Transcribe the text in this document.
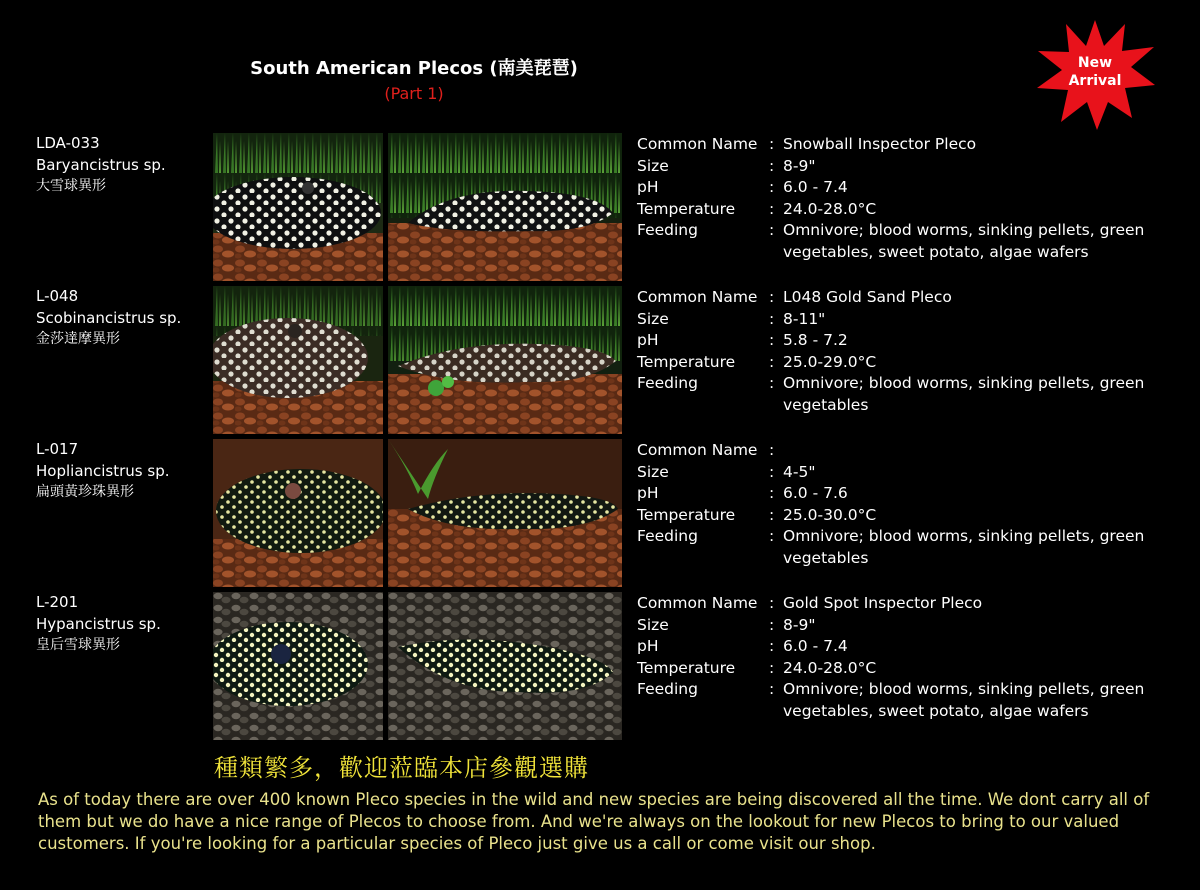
South American Plecos (南美琵琶)
(Part 1)
New
Arrival
LDA-033
Baryancistrus sp.
大雪球異形
Common Name : Snowball Inspector Pleco
Size	: 8-9"
pH	: 6.0 - 7.4
Temperature	: 24.0-28.0°C
Feeding	: Omnivore; blood worms, sinking pellets, green vegetables, sweet potato, algae wafers
L-048
Scobinancistrus sp.
金莎達摩異形
Common Name : L048 Gold Sand Pleco
Size	: 8-11"
pH	: 5.8 - 7.2
Temperature	: 25.0-29.0°C
Feeding	: Omnivore; blood worms, sinking pellets, green vegetables
L-017
Hopliancistrus sp.
扁頭黃珍珠異形
Common Name :
Size	: 4-5"
pH	: 6.0 - 7.6
Temperature	: 25.0-30.0°C
Feeding	: Omnivore; blood worms, sinking pellets, green vegetables
L-201
Hypancistrus sp.
皇后雪球異形
Common Name : Gold Spot Inspector Pleco
Size	: 8-9"
pH	: 6.0 - 7.4
Temperature	: 24.0-28.0°C
Feeding	: Omnivore; blood worms, sinking pellets, green vegetables, sweet potato, algae wafers
種類繁多，歡迎蒞臨本店參觀選購
As of today there are over 400 known Pleco species in the wild and new species are being discovered all the time. We dont carry all of them but we do have a nice range of Plecos to choose from. And we're always on the lookout for new Plecos to bring to our valued customers. If you're looking for a particular species of Pleco just give us a call or come visit our shop.
